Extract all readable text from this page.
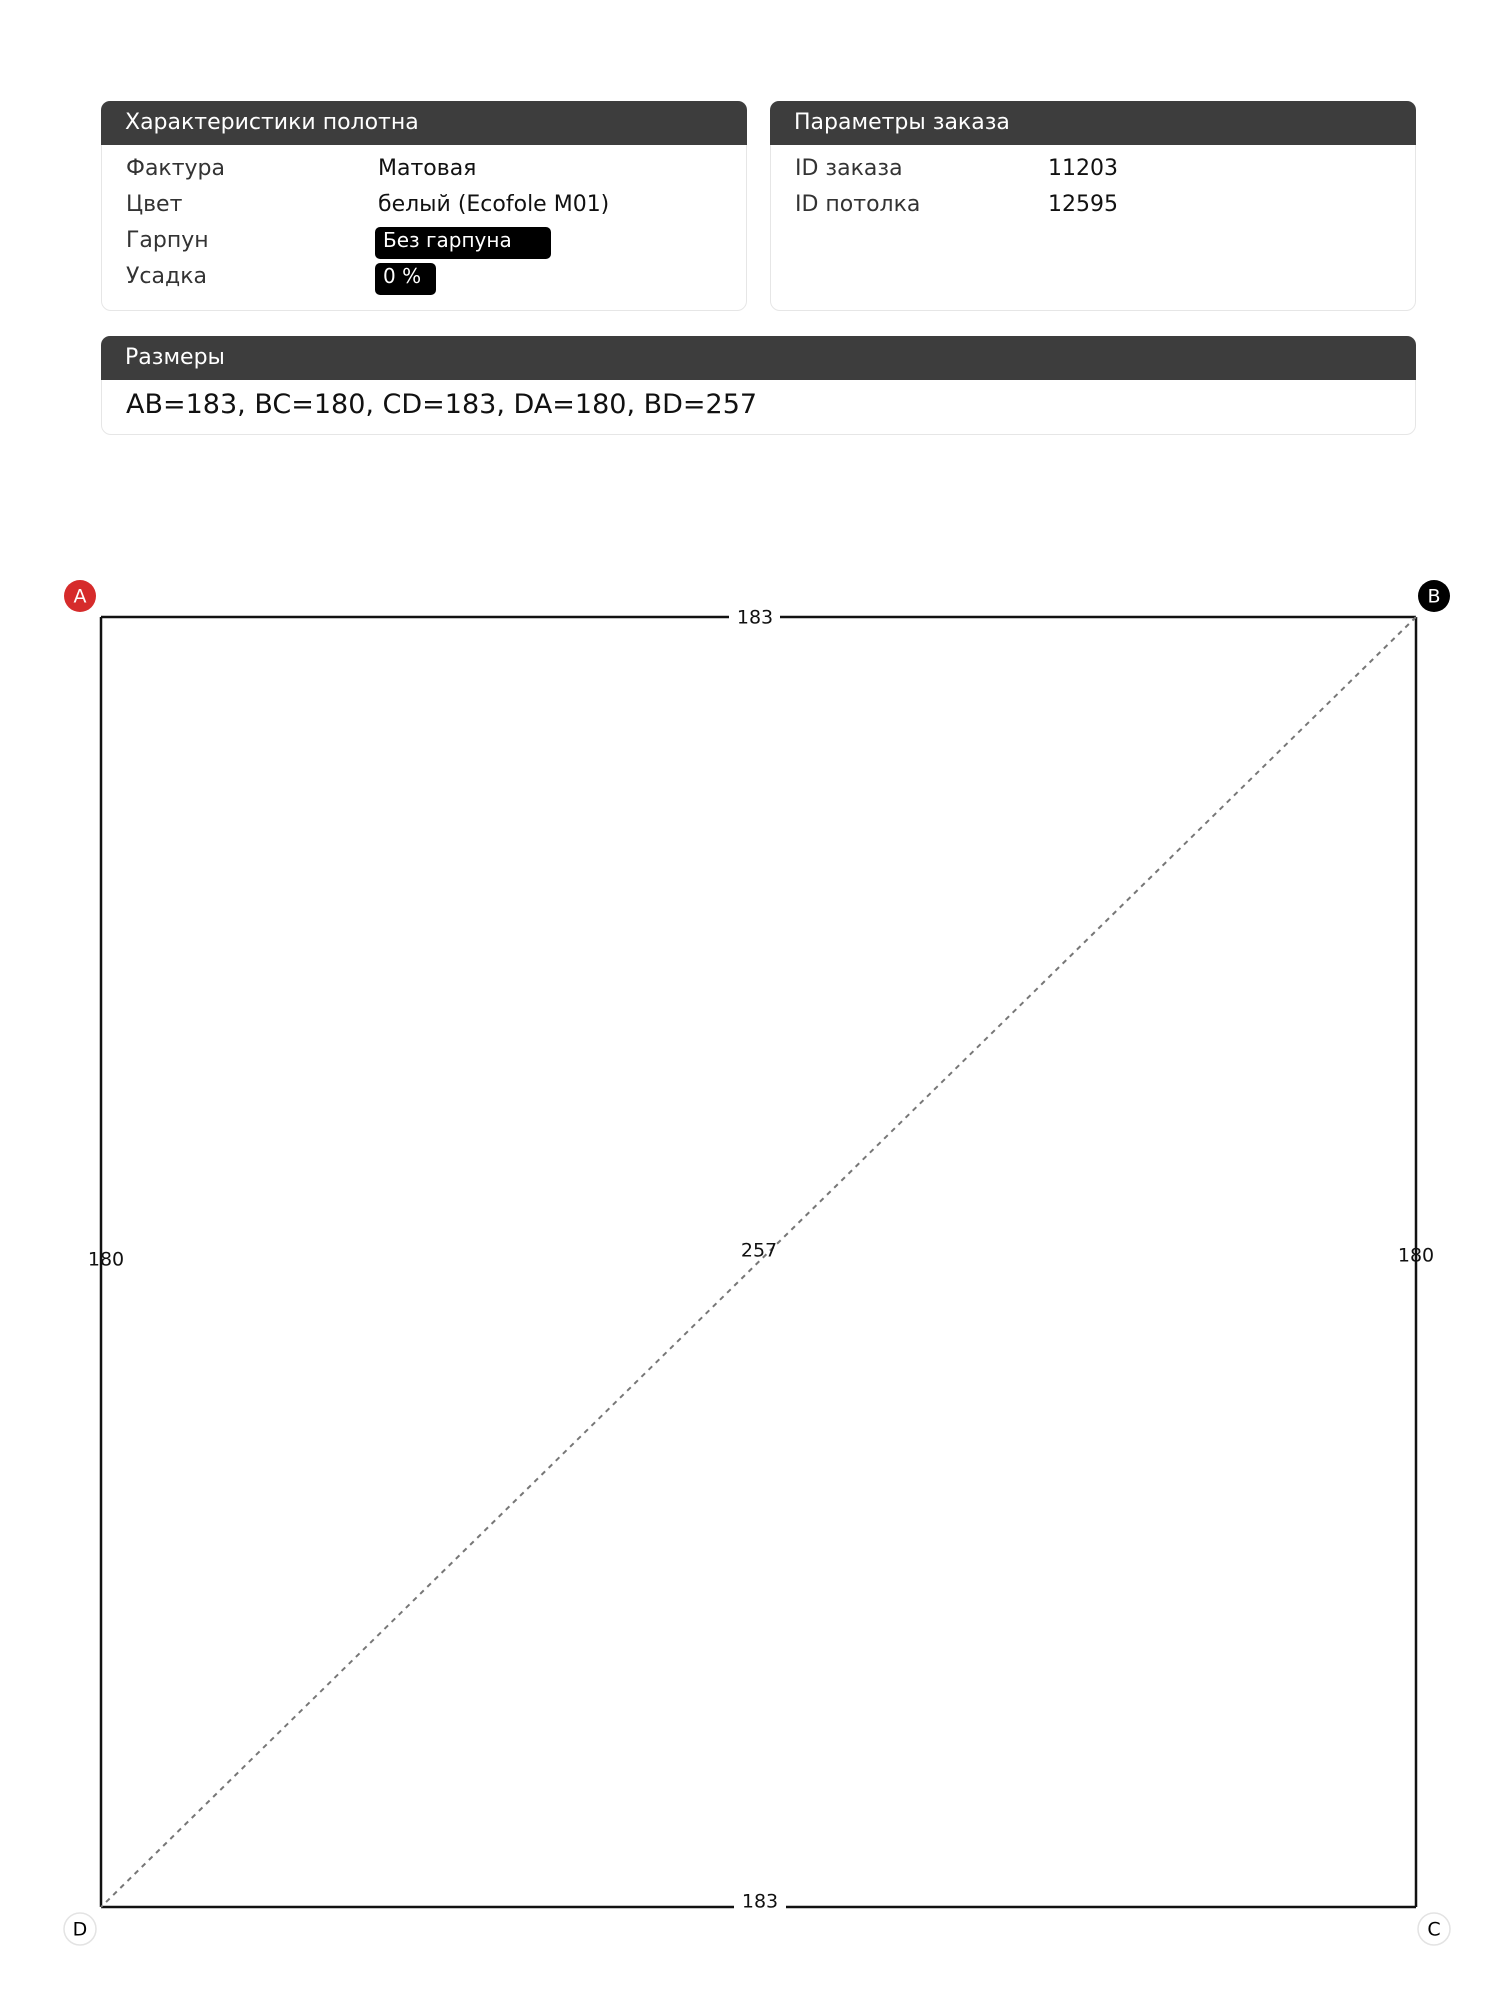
Характеристики полотна
Фактура	Матовая
Цвет	белый (Ecofole M01)
Гарпун	Без гарпуна
Усадка	0 %
Параметры заказа
ID заказа	11203
ID потолка	12595
Размеры
AB=183, BC=180, CD=183, DA=180, BD=257
183
180
183
180	257
A	B
C
D
